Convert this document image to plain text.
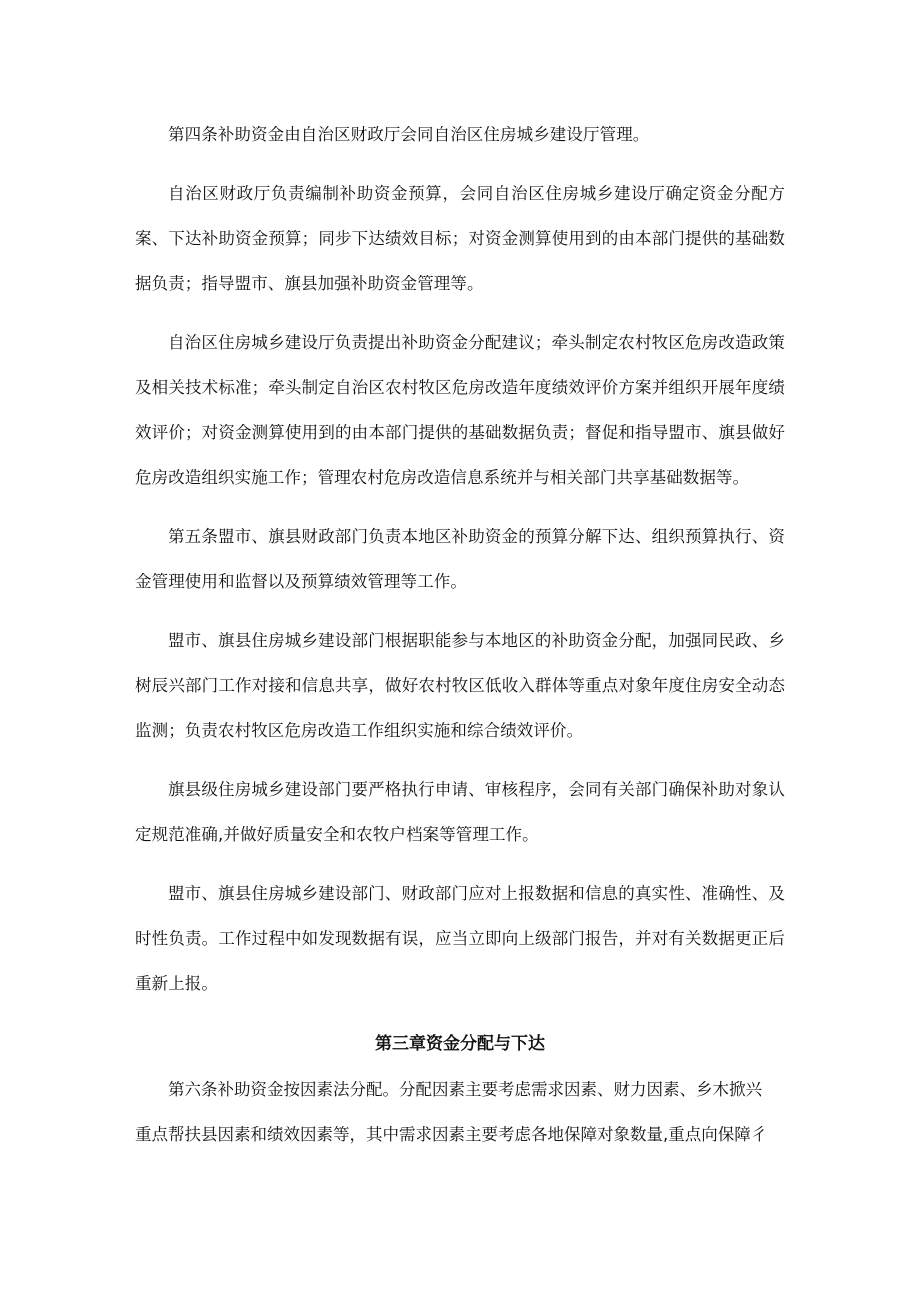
第四条补助资金由自治区财政厅会同自治区住房城乡建设厅管理。

自治区财政厅负责编制补助资金预算，会同自治区住房城乡建设厅确定资金分配方案、下达补助资金预算；同步下达绩效目标；对资金测算使用到的由本部门提供的基础数据负责；指导盟市、旗县加强补助资金管理等。

自治区住房城乡建设厅负责提出补助资金分配建议；牵头制定农村牧区危房改造政策及相关技术标准；牵头制定自治区农村牧区危房改造年度绩效评价方案并组织开展年度绩效评价；对资金测算使用到的由本部门提供的基础数据负责；督促和指导盟市、旗县做好危房改造组织实施工作；管理农村危房改造信息系统并与相关部门共享基础数据等。

第五条盟市、旗县财政部门负责本地区补助资金的预算分解下达、组织预算执行、资金管理使用和监督以及预算绩效管理等工作。

盟市、旗县住房城乡建设部门根据职能参与本地区的补助资金分配，加强同民政、乡树辰兴部门工作对接和信息共享，做好农村牧区低收入群体等重点对象年度住房安全动态监测；负责农村牧区危房改造工作组织实施和综合绩效评价。

旗县级住房城乡建设部门要严格执行申请、审核程序，会同有关部门确保补助对象认定规范准确,并做好质量安全和农牧户档案等管理工作。

盟市、旗县住房城乡建设部门、财政部门应对上报数据和信息的真实性、准确性、及时性负责。工作过程中如发现数据有误，应当立即向上级部门报告，并对有关数据更正后重新上报。

第三章资金分配与下达
第六条补助资金按因素法分配。分配因素主要考虑需求因素、财力因素、乡木掀兴
重点帮扶县因素和绩效因素等，其中需求因素主要考虑各地保障对象数量,重点向保障彳
